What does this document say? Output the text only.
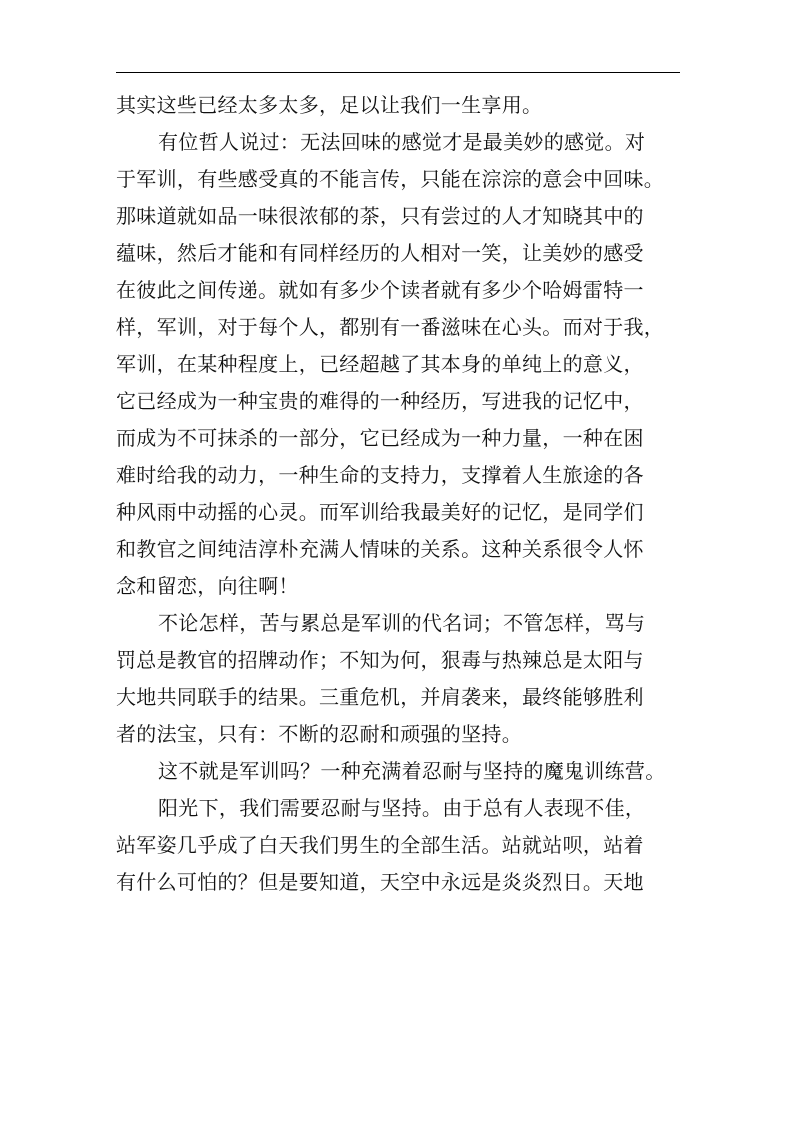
其实这些已经太多太多，足以让我们一生享用。
有位哲人说过：无法回味的感觉才是最美妙的感觉。对
于军训，有些感受真的不能言传，只能在淙淙的意会中回味。
那味道就如品一味很浓郁的茶，只有尝过的人才知晓其中的
蕴味，然后才能和有同样经历的人相对一笑，让美妙的感受
在彼此之间传递。就如有多少个读者就有多少个哈姆雷特一
样，军训，对于每个人，都别有一番滋味在心头。而对于我，
军训，在某种程度上，已经超越了其本身的单纯上的意义，
它已经成为一种宝贵的难得的一种经历，写进我的记忆中，
而成为不可抹杀的一部分，它已经成为一种力量，一种在困
难时给我的动力，一种生命的支持力，支撑着人生旅途的各
种风雨中动摇的心灵。而军训给我最美好的记忆，是同学们
和教官之间纯洁淳朴充满人情味的关系。这种关系很令人怀
念和留恋，向往啊！
不论怎样，苦与累总是军训的代名词；不管怎样，骂与
罚总是教官的招牌动作；不知为何，狠毒与热辣总是太阳与
大地共同联手的结果。三重危机，并肩袭来，最终能够胜利
者的法宝，只有：不断的忍耐和顽强的坚持。
这不就是军训吗？一种充满着忍耐与坚持的魔鬼训练营。
阳光下，我们需要忍耐与坚持。由于总有人表现不佳，
站军姿几乎成了白天我们男生的全部生活。站就站呗，站着
有什么可怕的？但是要知道，天空中永远是炎炎烈日。天地
